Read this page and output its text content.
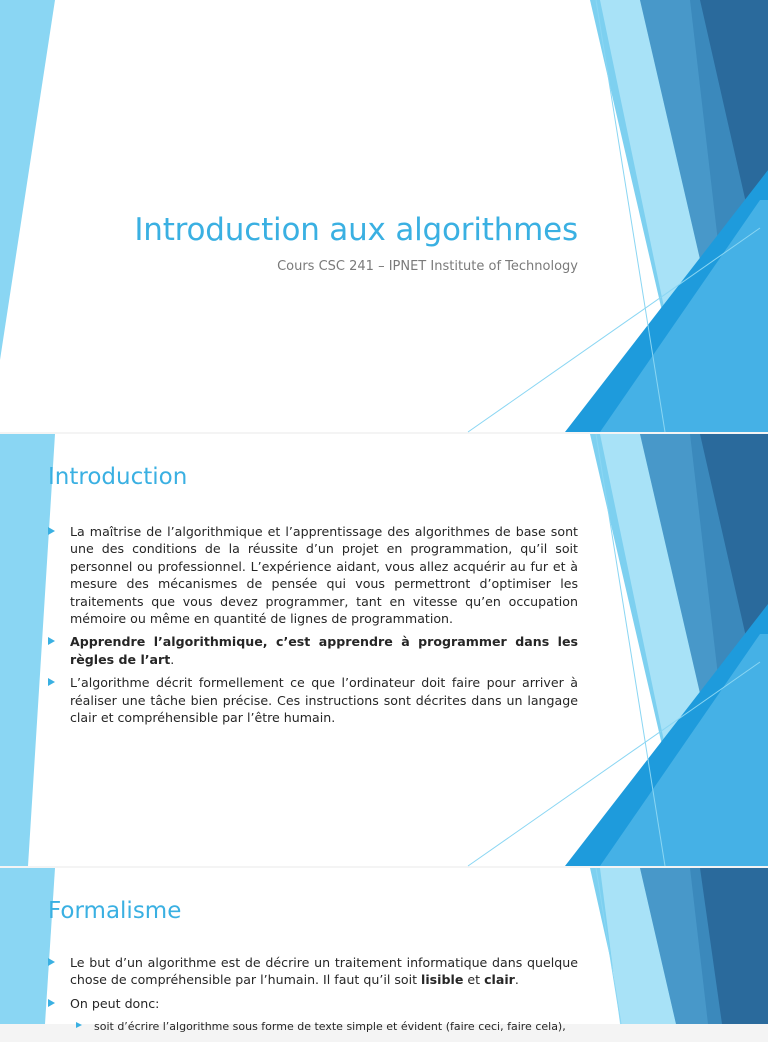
Introduction aux algorithmes
Cours CSC 241 – IPNET Institute of Technology
Introduction
La maîtrise de l’algorithmique et l’apprentissage des algorithmes de base sont une des conditions de la réussite d’un projet en programmation, qu’il soit personnel ou professionnel. L’expérience aidant, vous allez acquérir au fur et à mesure des mécanismes de pensée qui vous permettront d’optimiser les traitements que vous devez programmer, tant en vitesse qu’en occupation mémoire ou même en quantité de lignes de programmation.
Apprendre l’algorithmique, c’est apprendre à programmer dans les règles de l’art.
L’algorithme décrit formellement ce que l’ordinateur doit faire pour arriver à réaliser une tâche bien précise. Ces instructions sont décrites dans un langage clair et compréhensible par l’être humain.
Formalisme
Le but d’un algorithme est de décrire un traitement informatique dans quelque chose de compréhensible par l’humain. Il faut qu’il soit lisible et clair.
On peut donc:
soit d’écrire l’algorithme sous forme de texte simple et évident (faire ceci, faire cela),
